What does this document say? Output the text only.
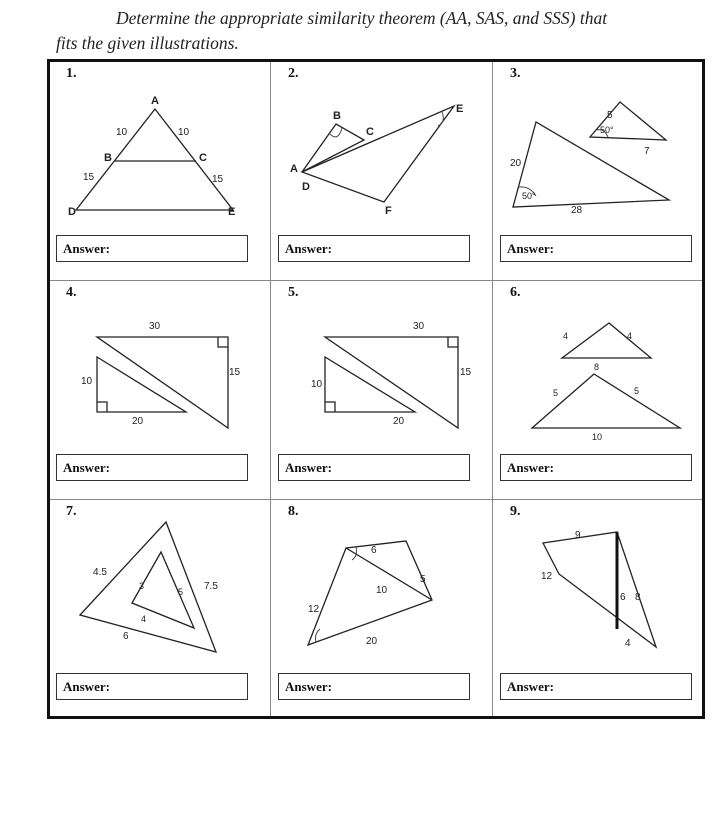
Determine the appropriate similarity theorem (AA, SAS, and SSS) that
fits the given illustrations.
1.
A
B	C
D	E
10	10
15	15
Answer:
2.
B
C
A
D
E
F
Answer:
3.
5
50°
7
20
50°
28
Answer:
4.
30
10
15
20
Answer:
5.
30
10
15
20
Answer:
6.
4	4
8
5	5
10
Answer:
7.
4.5
3
5 7.5
4
6
Answer:
8.
6
5
10
12
20
Answer:
9.
9
12
6 8
4
Answer:
